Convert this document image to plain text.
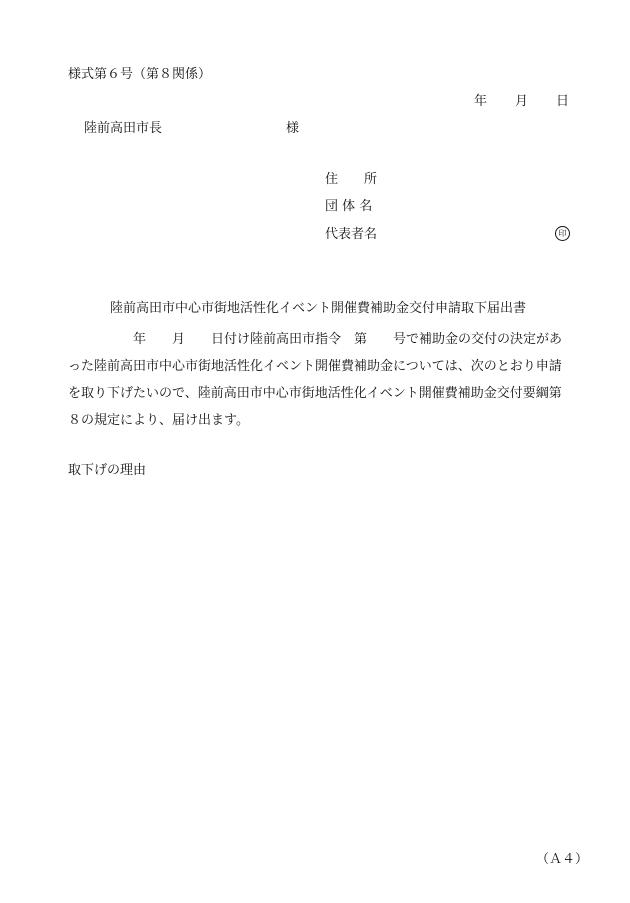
様式第６号（第８関係）
年 月 日
陸前高田市長	様
住　　所
団 体 名
代表者名	印
陸前高田市中心市街地活性化イベント開催費補助金交付申請取下届出書
　　　　　年　　月　　日付け陸前高田市指令　第　　号で補助金の交付の決定があ
った陸前高田市中心市街地活性化イベント開催費補助金については、次のとおり申請
を取り下げたいので、陸前高田市中心市街地活性化イベント開催費補助金交付要綱第
８の規定により、届け出ます。
取下げの理由
（Ａ４）
